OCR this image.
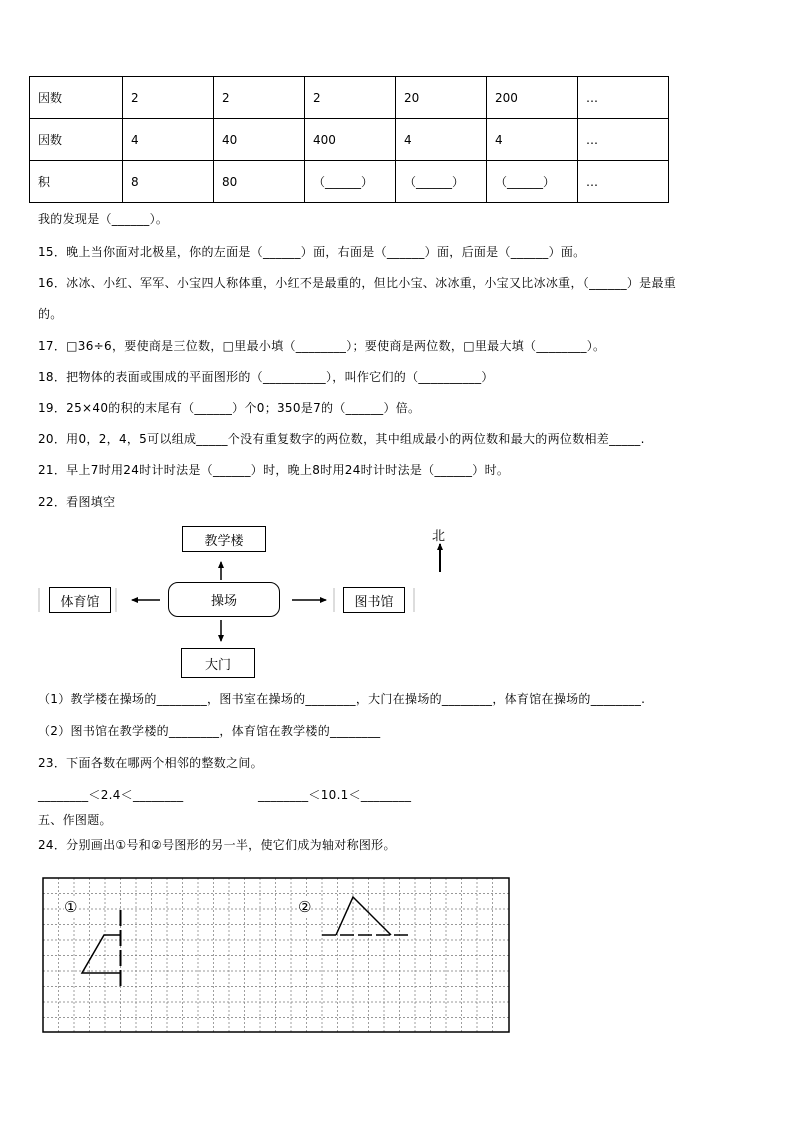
因数	2	2	2	20	200	…
因数	4	40	400	4	4	…
积	8	80	（______）	（______）	（______）	…
我的发现是（______）。
15．晚上当你面对北极星，你的左面是（______）面，右面是（______）面，后面是（______）面。
16．冰冰、小红、军军、小宝四人称体重，小红不是最重的，但比小宝、冰冰重，小宝又比冰冰重，（______）是最重
的。
17．□36÷6，要使商是三位数，□里最小填（________）；要使商是两位数，□里最大填（________）。
18．把物体的表面或围成的平面图形的（__________），叫作它们的（__________）
19．25×40的积的末尾有（______）个0；350是7的（______）倍。
20．用0，2，4，5可以组成_____个没有重复数字的两位数，其中组成最小的两位数和最大的两位数相差_____.
21．早上7时用24时计时法是（______）时，晚上8时用24时计时法是（______）时。
22．看图填空
教学楼
操场
体育馆	图书馆
大门
北
（1）教学楼在操场的________，图书室在操场的________，大门在操场的________，体育馆在操场的________.
（2）图书馆在教学楼的________，体育馆在教学楼的________
23．下面各数在哪两个相邻的整数之间。
________＜2.4＜________	________＜10.1＜________
五、作图题。
24．分别画出①号和②号图形的另一半，使它们成为轴对称图形。
①	②
